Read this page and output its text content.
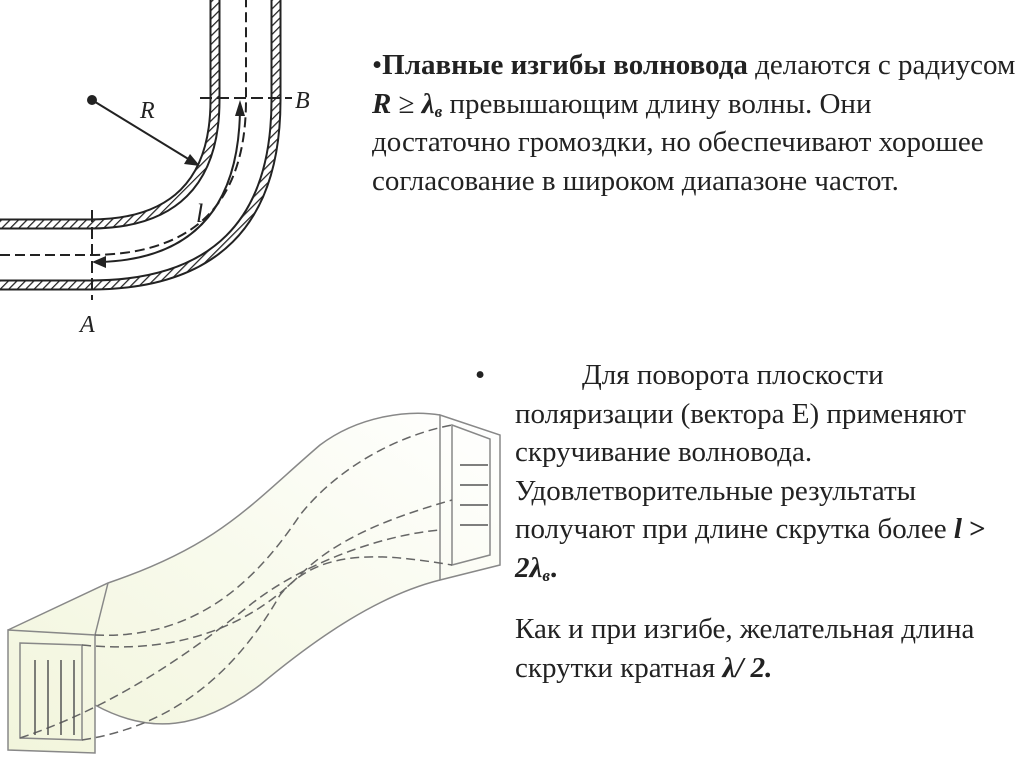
R
l
A
B

•Плавные изгибы волновода делаются с радиусом $R \ge \lambda_в$ превышающим длину волны. Они достаточно громоздки, но обеспечивают хорошее согласование в широком диапазоне частот.

•	Для поворота плоскости поляризации (вектора Е) применяют скручивание волновода. Удовлетворительные результаты получают при длине скрутка более $l > 2\lambda_в$.

Как и при изгибе, желательная длина скрутки кратная λ/ 2.
